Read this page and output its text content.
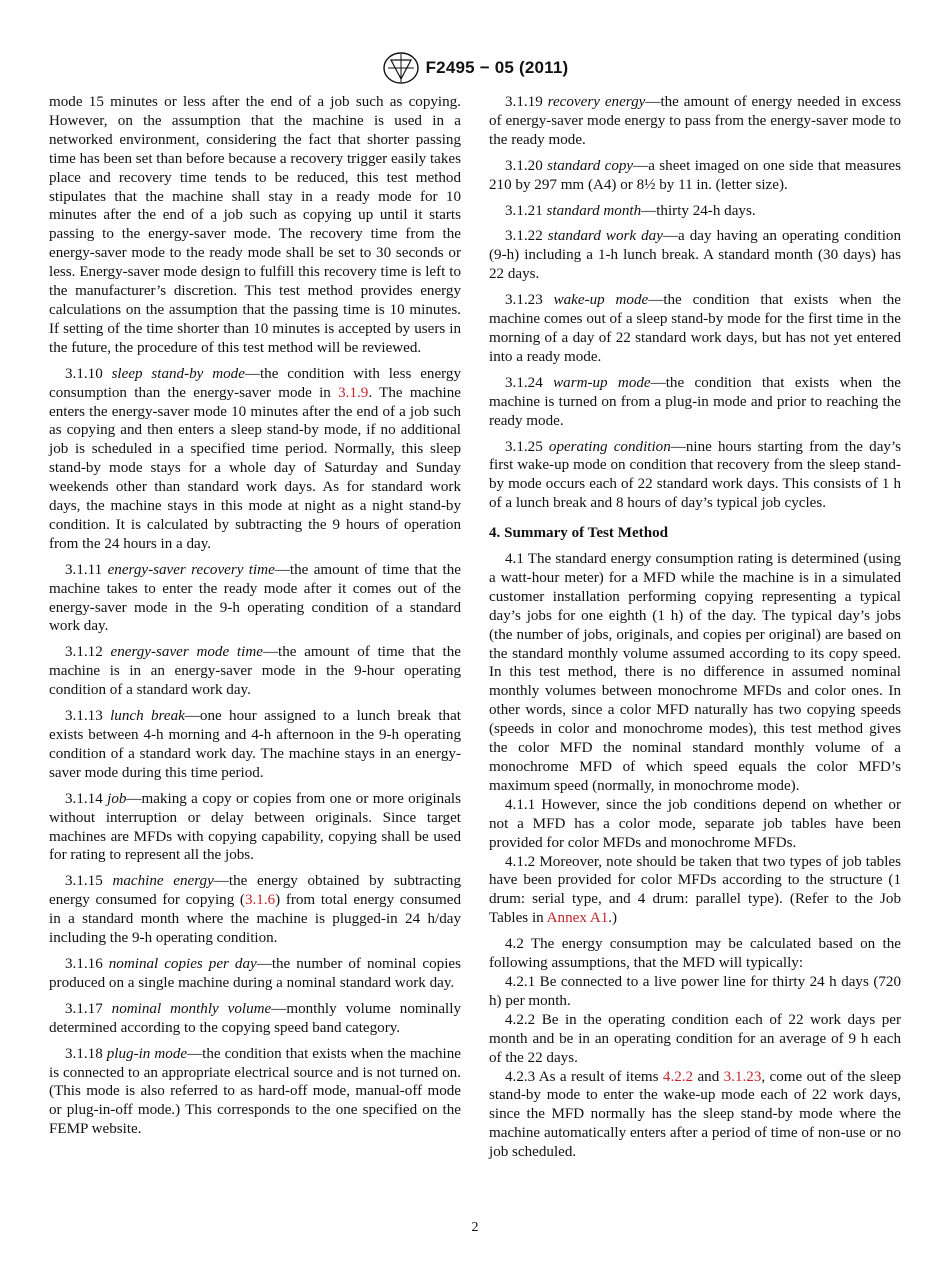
F2495 − 05 (2011)

mode 15 minutes or less after the end of a job such as copying. However, on the assumption that the machine is used in a networked environment, considering the fact that shorter passing time has been set than before because a recovery trigger easily takes place and recovery time tends to be reduced, this test method stipulates that the machine shall stay in a ready mode for 10 minutes after the end of a job such as copying up until it starts passing to the energy-saver mode. The recovery time from the energy-saver mode to the ready mode shall be set to 30 seconds or less. Energy-saver mode design to fulfill this recovery time is left to the manufacturer’s discretion. This test method provides energy calculations on the assumption that the passing time is 10 minutes. If setting of the time shorter than 10 minutes is accepted by users in the future, the procedure of this test method will be reviewed.

3.1.10 sleep stand-by mode—the condition with less energy consumption than the energy-saver mode in 3.1.9. The machine enters the energy-saver mode 10 minutes after the end of a job such as copying and then enters a sleep stand-by mode, if no additional job is scheduled in a specified time period. Normally, this sleep stand-by mode stays for a whole day of Saturday and Sunday weekends other than standard work days. As for standard work days, the machine stays in this mode at night as a night stand-by condition. It is calculated by subtracting the 9 hours of operation from the 24 hours in a day.

3.1.11 energy-saver recovery time—the amount of time that the machine takes to enter the ready mode after it comes out of the energy-saver mode in the 9-h operating condition of a standard work day.

3.1.12 energy-saver mode time—the amount of time that the machine is in an energy-saver mode in the 9-hour operating condition of a standard work day.

3.1.13 lunch break—one hour assigned to a lunch break that exists between 4-h morning and 4-h afternoon in the 9-h operating condition of a standard work day. The machine stays in an energy-saver mode during this time period.

3.1.14 job—making a copy or copies from one or more originals without interruption or delay between originals. Since target machines are MFDs with copying capability, copying shall be used for rating to represent all the jobs.

3.1.15 machine energy—the energy obtained by subtracting energy consumed for copying (3.1.6) from total energy consumed in a standard month where the machine is plugged-in 24 h/day including the 9-h operating condition.

3.1.16 nominal copies per day—the number of nominal copies produced on a single machine during a nominal standard work day.

3.1.17 nominal monthly volume—monthly volume nominally determined according to the copying speed band category.

3.1.18 plug-in mode—the condition that exists when the machine is connected to an appropriate electrical source and is not turned on. (This mode is also referred to as hard-off mode, manual-off mode or plug-in-off mode.) This corresponds to the one specified on the FEMP website.

3.1.19 recovery energy—the amount of energy needed in excess of energy-saver mode energy to pass from the energy-saver mode to the ready mode.

3.1.20 standard copy—a sheet imaged on one side that measures 210 by 297 mm (A4) or 8½ by 11 in. (letter size).

3.1.21 standard month—thirty 24-h days.

3.1.22 standard work day—a day having an operating condition (9-h) including a 1-h lunch break. A standard month (30 days) has 22 days.

3.1.23 wake-up mode—the condition that exists when the machine comes out of a sleep stand-by mode for the first time in the morning of a day of 22 standard work days, but has not yet entered into a ready mode.

3.1.24 warm-up mode—the condition that exists when the machine is turned on from a plug-in mode and prior to reaching the ready mode.

3.1.25 operating condition—nine hours starting from the day’s first wake-up mode on condition that recovery from the sleep stand-by mode occurs each of 22 standard work days. This consists of 1 h of a lunch break and 8 hours of day’s typical job cycles.

4. Summary of Test Method

4.1 The standard energy consumption rating is determined (using a watt-hour meter) for a MFD while the machine is in a simulated customer installation performing copying representing a typical day’s jobs for one eighth (1 h) of the day. The typical day’s jobs (the number of jobs, originals, and copies per original) are based on the standard monthly volume assumed according to its copy speed. In this test method, there is no difference in assumed nominal monthly volumes between monochrome MFDs and color ones. In other words, since a color MFD naturally has two copying speeds (speeds in color and monochrome modes), this test method gives the color MFD the nominal standard monthly volume of a monochrome MFD of which speed equals the color MFD’s maximum speed (normally, in monochrome mode).

4.1.1 However, since the job conditions depend on whether or not a MFD has a color mode, separate job tables have been provided for color MFDs and monochrome MFDs.

4.1.2 Moreover, note should be taken that two types of job tables have been provided for color MFDs according to the structure (1 drum: serial type, and 4 drum: parallel type). (Refer to the Job Tables in Annex A1.)

4.2 The energy consumption may be calculated based on the following assumptions, that the MFD will typically:

4.2.1 Be connected to a live power line for thirty 24 h days (720 h) per month.

4.2.2 Be in the operating condition each of 22 work days per month and be in an operating condition for an average of 9 h each of the 22 days.

4.2.3 As a result of items 4.2.2 and 3.1.23, come out of the sleep stand-by mode to enter the wake-up mode each of 22 work days, since the MFD normally has the sleep stand-by mode where the machine automatically enters after a period of time of non-use or no job scheduled.

2
